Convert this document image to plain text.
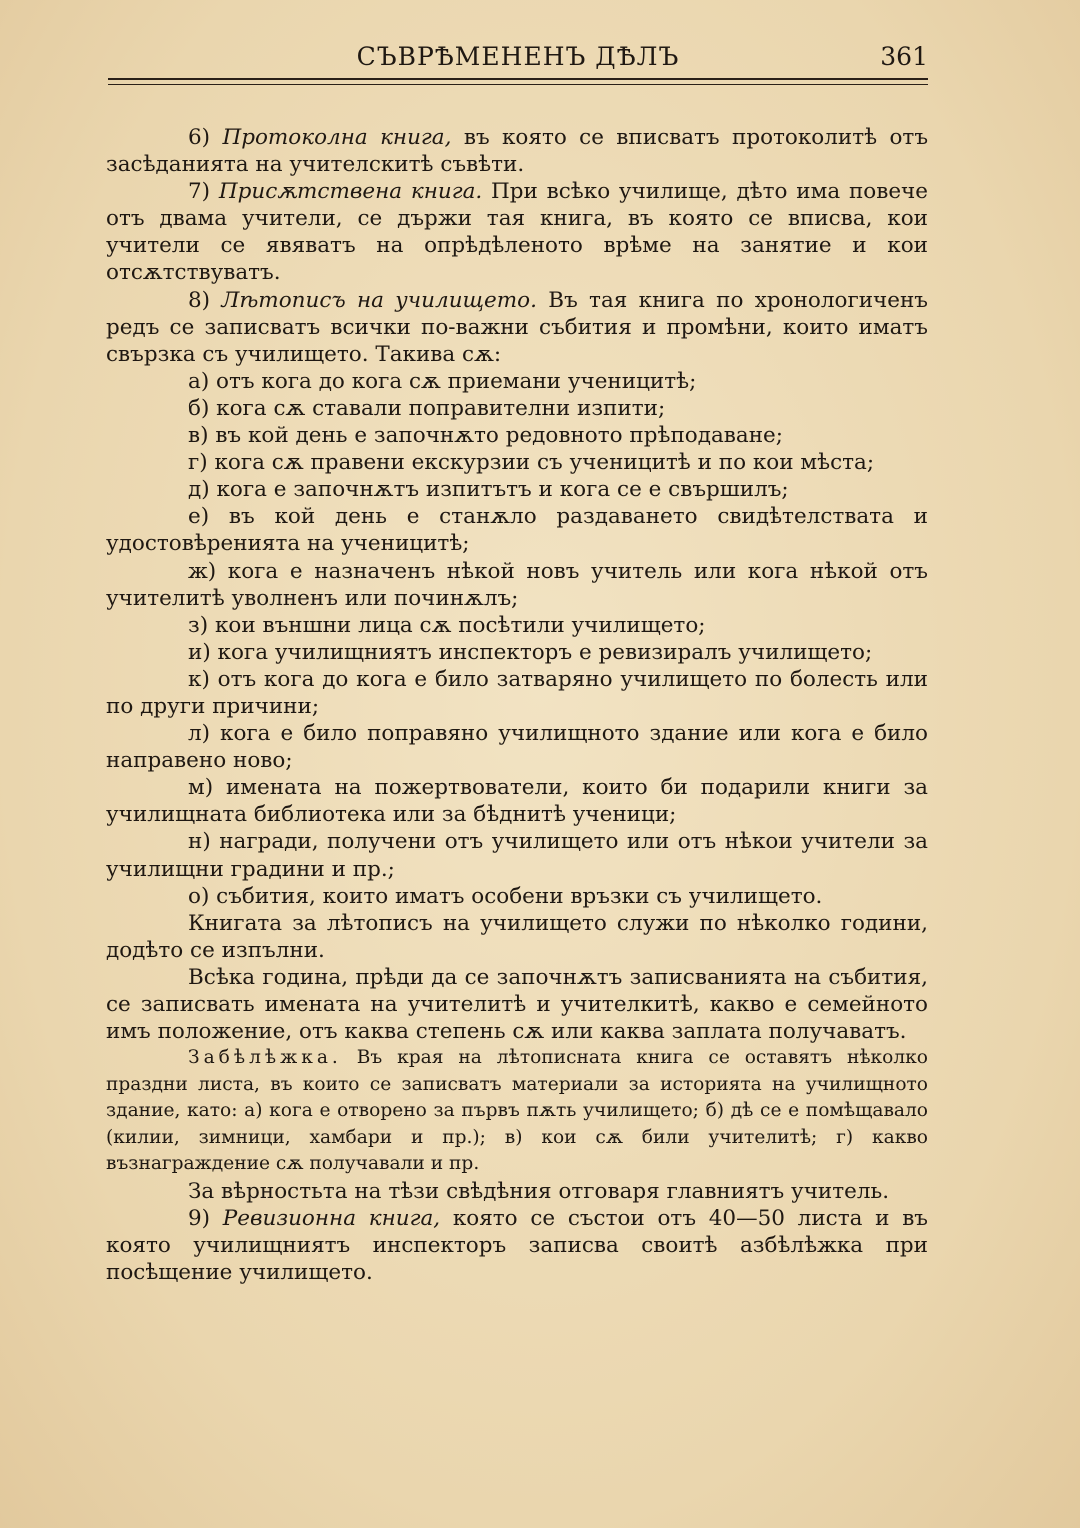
СЪВРѢМЕНЕНЪ ДѢЛЪ	361

6) Протоколна книга, въ която се вписватъ протоколитѣ отъ засѣданията на учителскитѣ съвѣти.

7) Присѫтствена книга. При всѣко училище, дѣто има повече отъ двама учители, се държи тая книга, въ която се вписва, кои учители се явяватъ на опрѣдѣленото врѣме на занятие и кои отсѫтствуватъ.

8) Лѣтописъ на училището. Въ тая книга по хронологиченъ редъ се записватъ всички по-важни събития и промѣни, които иматъ свързка съ училището. Такива сѫ:

а) отъ кога до кога сѫ приемани ученицитѣ;

б) кога сѫ ставали поправителни изпити;

в) въ кой день е започнѫто редовното прѣподаване;

г) кога сѫ правени екскурзии съ ученицитѣ и по кои мѣста;

д) кога е започнѫтъ изпитътъ и кога се е свършилъ;

е) въ кой день е станѫло раздаването свидѣтелствата и удостовѣренията на ученицитѣ;

ж) кога е назначенъ нѣкой новъ учитель или кога нѣкой отъ учителитѣ уволненъ или починѫлъ;

з) кои външни лица сѫ посѣтили училището;

и) кога училищниятъ инспекторъ е ревизиралъ училището;

к) отъ кога до кога е било затваряно училището по болесть или по други причини;

л) кога е било поправяно училищното здание или кога е било направено ново;

м) имената на пожертвователи, които би подарили книги за училищната библиотека или за бѣднитѣ ученици;

н) награди, получени отъ училището или отъ нѣкои учители за училищни градини и пр.;

о) събития, които иматъ особени връзки съ училището.

Книгата за лѣтописъ на училището служи по нѣколко години, додѣто се изпълни.

Всѣка година, прѣди да се започнѫтъ записванията на събития, се записвать имената на учителитѣ и учителкитѣ, какво е семейното имъ положение, отъ каква степень сѫ или каква заплата получаватъ.

Забѣлѣжка. Въ края на лѣтописната книга се оставятъ нѣколко праздни листа, въ които се записватъ материали за историята на училищното здание, като: а) кога е отворено за първъ пѫть училището; б) дѣ се е помѣщавало (килии, зимници, хамбари и пр.); в) кои сѫ били учителитѣ; г) какво възнаграждение сѫ получавали и пр.

За вѣрностьта на тѣзи свѣдѣния отговаря главниятъ учитель.

9) Ревизионна книга, която се състои отъ 40—50 листа и въ която училищниятъ инспекторъ записва своитѣ азбѣлѣжка при посѣщение училището.
